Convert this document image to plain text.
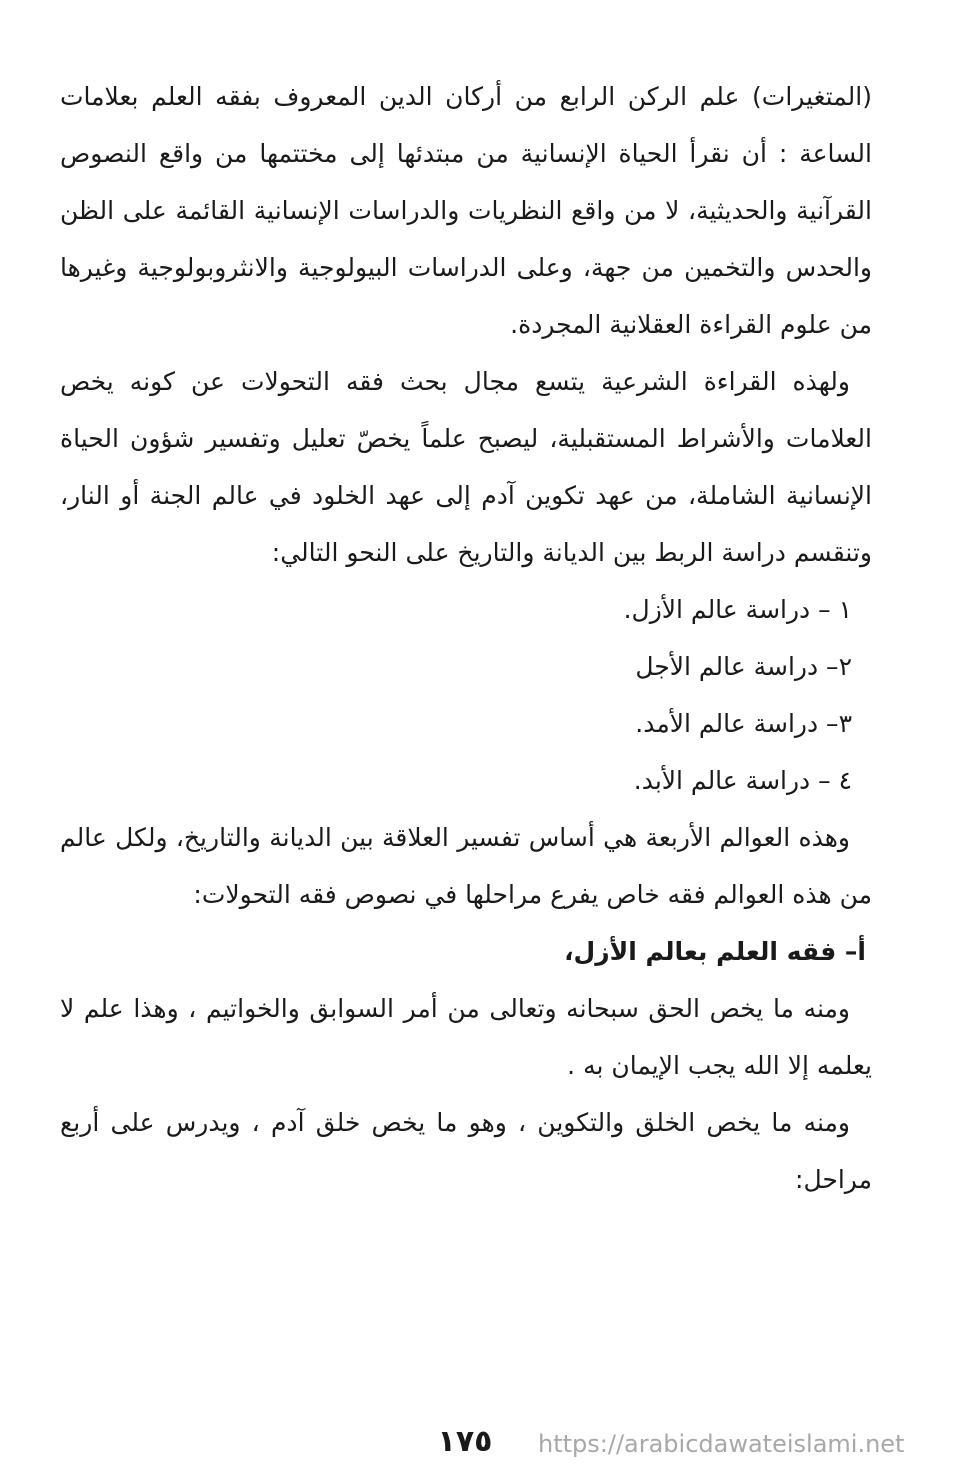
(المتغيرات) علم الركن الرابع من أركان الدين المعروف بفقه العلم بعلامات الساعة : أن نقرأ الحياة الإنسانية من مبتدئها إلى مختتمها من واقع النصوص القرآنية والحديثية، لا من واقع النظريات والدراسات الإنسانية القائمة على الظن والحدس والتخمين من جهة، وعلى الدراسات البيولوجية والانثروبولوجية وغيرها من علوم القراءة العقلانية المجردة.

ولهذه القراءة الشرعية يتسع مجال بحث فقه التحولات عن كونه يخص العلامات والأشراط المستقبلية، ليصبح علماً يخصّ تعليل وتفسير شؤون الحياة الإنسانية الشاملة، من عهد تكوين آدم إلى عهد الخلود في عالم الجنة أو النار، وتنقسم دراسة الربط بين الديانة والتاريخ على النحو التالي:

١ – دراسة عالم الأزل.
٢– دراسة عالم الأجل
٣– دراسة عالم الأمد.
٤ – دراسة عالم الأبد.

وهذه العوالم الأربعة هي أساس تفسير العلاقة بين الديانة والتاريخ، ولكل عالم من هذه العوالم فقه خاص يفرع مراحلها في نصوص فقه التحولات:

أ– فقه العلم بعالم الأزل،

ومنه ما يخص الحق سبحانه وتعالى من أمر السوابق والخواتيم ، وهذا علم لا يعلمه إلا الله يجب الإيمان به .

ومنه ما يخص الخلق والتكوين ، وهو ما يخص خلق آدم ، ويدرس على أربع مراحل:

١٧٥	https://arabicdawateislami.net
